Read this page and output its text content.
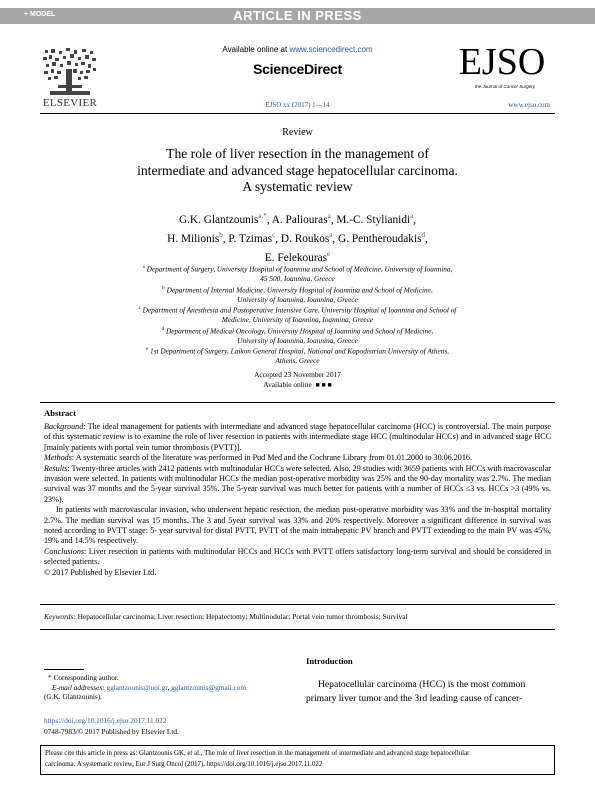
+ MODEL	ARTICLE IN PRESS
ELSEVIER
Available online at www.sciencedirect.com
ScienceDirect	EJSO
the Journal of Cancer Surgery
EJSO xx (2017) 1—14	www.ejso.com
Review
The role of liver resection in the management of
intermediate and advanced stage hepatocellular carcinoma.
A systematic review
G.K. Glantzounis$^{a,*}$, A. Paliouras$^a$, M.-C. Stylianidi$^a$,
H. Milionis$^b$, P. Tzimas$^c$, D. Roukos$^a$, G. Pentheroudakis$^d$,
E. Felekouras$^e$
$^a$ Department of Surgery, University Hospital of Ioannina and School of Medicine, University of Ioannina,
45 500, Ioannina, Greece
$^b$ Department of Internal Medicine, University Hospital of Ioannina and School of Medicine,
University of Ioannina, Ioannina, Greece
$^c$ Department of Anesthesia and Postoperative Intensive Care, University Hospital of Ioannina and School of
Medicine, University of Ioannina, Ioannina, Greece
$^d$ Department of Medical Oncology, University Hospital of Ioannina and School of Medicine,
University of Ioannina, Ioannina, Greece
$^e$ 1st Department of Surgery, Laikon General Hospital, National and Kapodistrian University of Athens,
Athens, Greece
Accepted 23 November 2017
Available online ■ ■ ■
Abstract

Background: The ideal management for patients with intermediate and advanced stage hepatocellular carcinoma (HCC) is controversial. The main purpose of this systematic review is to examine the role of liver resection in patients with intermediate stage HCC (multinodular HCCs) and in advanced stage HCC [mainly patients with portal vein tumor thrombosis (PVTT)].

Methods: A systematic search of the literature was performed in Pud Med and the Cochrane Library from 01.01.2000 to 30.06.2016.

Results: Twenty-three articles with 2412 patients with multinodular HCCs were selected. Also, 29 studies with 3659 patients with HCCs with macrovascular invasion were selected. In patients with multinodular HCCs the median post-operative morbidity was 25% and the 90-day mortality was 2.7%. The median survival was 37 months and the 5-year survival 35%. The 5-year survival was much better for patients with a number of HCCs ≤3 vs. HCCs >3 (49% vs. 23%).

In patients with macrovascular invasion, who underwent hepatic resection, the median post-operative morbidity was 33% and the in-hospital mortality 2.7%. The median survival was 15 months. The 3 and 5year survival was 33% and 20% respectively. Moreover a significant difference in survival was noted according to PVTT stage: 5- year survival for distal PVTT, PVTT of the main intrahepatic PV branch and PVTT extending to the main PV was 45%, 19% and 14.5% respectively.

Conclusions: Liver resection in patients with multinodular HCCs and HCCs with PVTT offers satisfactory long-term survival and should be considered in selected patients.

© 2017 Published by Elsevier Ltd.

Keywords: Hepatocellular carcinoma; Liver resection; Hepatectomy; Multinodular; Portal vein tumor thrombosis; Survival
* Corresponding author.
E-mail addresses: gglantzounis@uoi.gr, gglantzounis@gmail.com
(G.K. Glantzounis).
https://doi.org/10.1016/j.ejso.2017.11.022
0748-7983/© 2017 Published by Elsevier Ltd.
Introduction
Hepatocellular carcinoma (HCC) is the most common
primary liver tumor and the 3rd leading cause of cancer-
Please cite this article in press as: Glantzounis GK, et al., The role of liver resection in the management of intermediate and advanced stage hepatocellular
carcinoma. A systematic review, Eur J Surg Oncol (2017), https://doi.org/10.1016/j.ejso.2017.11.022
